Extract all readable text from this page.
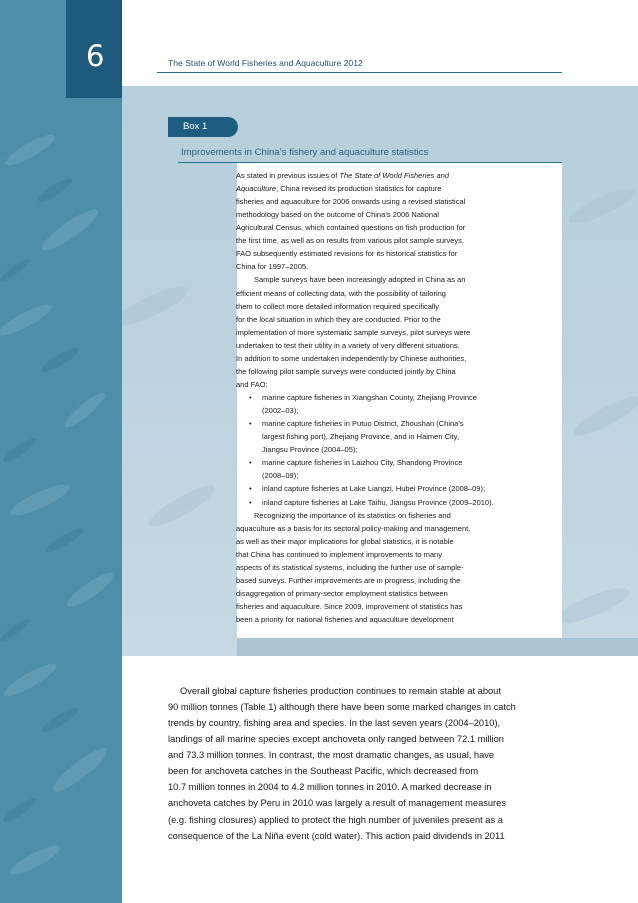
6	The State of World Fisheries and Aquaculture 2012
Box 1
Improvements in China’s fishery and aquaculture statistics
As stated in previous issues of The State of World Fisheries and
Aquaculture, China revised its production statistics for capture
fisheries and aquaculture for 2006 onwards using a revised statistical
methodology based on the outcome of China’s 2006 National
Agricultural Census, which contained questions on fish production for
the first time, as well as on results from various pilot sample surveys.
FAO subsequently estimated revisions for its historical statistics for
China for 1997–2005.
Sample surveys have been increasingly adopted in China as an
efficient means of collecting data, with the possibility of tailoring
them to collect more detailed information required specifically
for the local situation in which they are conducted. Prior to the
implementation of more systematic sample surveys, pilot surveys were
undertaken to test their utility in a variety of very different situations.
In addition to some undertaken independently by Chinese authorities,
the following pilot sample surveys were conducted jointly by China
and FAO:
• marine capture fisheries in Xiangshan County, Zhejiang Province
(2002–03);
• marine capture fisheries in Putuo District, Zhoushan (China’s
largest fishing port), Zhejiang Province, and in Haimen City,
Jiangsu Province (2004–05);
• marine capture fisheries in Laizhou City, Shandong Province
(2008–09);
• inland capture fisheries at Lake Liangzi, Hubei Province (2008–09);
• inland capture fisheries at Lake Taihu, Jiangsu Province (2009–2010).
Recognizing the importance of its statistics on fisheries and
aquaculture as a basis for its sectoral policy-making and management,
as well as their major implications for global statistics, it is notable
that China has continued to implement improvements to many
aspects of its statistical systems, including the further use of sample-
based surveys. Further improvements are in progress, including the
disaggregation of primary-sector employment statistics between
fisheries and aquaculture. Since 2009, improvement of statistics has
been a priority for national fisheries and aquaculture development
Overall global capture fisheries production continues to remain stable at about
90 million tonnes (Table 1) although there have been some marked changes in catch
trends by country, fishing area and species. In the last seven years (2004–2010),
landings of all marine species except anchoveta only ranged between 72.1 million
and 73.3 million tonnes. In contrast, the most dramatic changes, as usual, have
been for anchoveta catches in the Southeast Pacific, which decreased from
10.7 million tonnes in 2004 to 4.2 million tonnes in 2010. A marked decrease in
anchoveta catches by Peru in 2010 was largely a result of management measures
(e.g. fishing closures) applied to protect the high number of juveniles present as a
consequence of the La Niña event (cold water). This action paid dividends in 2011
